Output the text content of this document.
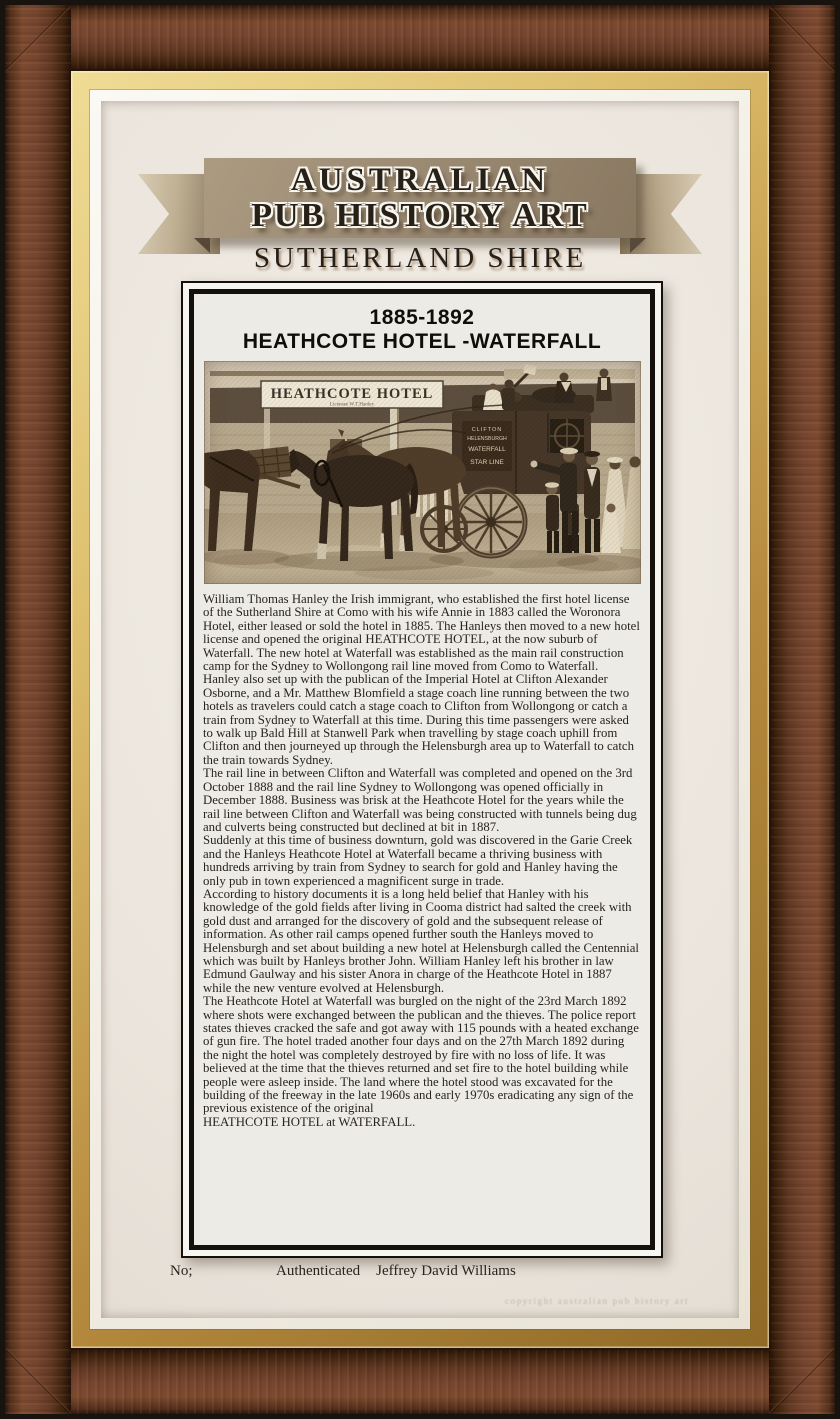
AUSTRALIAN
PUB HISTORY ART
SUTHERLAND SHIRE
1885-1892
HEATHCOTE HOTEL -WATERFALL

William Thomas Hanley the Irish immigrant, who established the first hotel license of the Sutherland Shire at Como with his wife Annie in 1883 called the Woronora Hotel, either leased or sold the hotel in 1885. The Hanleys then moved to a new hotel license and opened the original HEATHCOTE HOTEL, at the now suburb of Waterfall. The new hotel at Waterfall was established as the main rail construction camp for the Sydney to Wollongong rail line moved from Como to Waterfall.

Hanley also set up with the publican of the Imperial Hotel at Clifton Alexander Osborne, and a Mr. Matthew Blomfield a stage coach line running between the two hotels as travelers could catch a stage coach to Clifton from Wollongong or catch a train from Sydney to Waterfall at this time. During this time passengers were asked to walk up Bald Hill at Stanwell Park when travelling by stage coach uphill from Clifton and then journeyed up through the Helensburgh area up to Waterfall to catch the train towards Sydney.

The rail line in between Clifton and Waterfall was completed and opened on the 3rd October 1888 and the rail line Sydney to Wollongong was opened officially in December 1888. Business was brisk at the Heathcote Hotel for the years while the rail line between Clifton and Waterfall was being constructed with tunnels being dug and culverts being constructed but declined at bit in 1887.

Suddenly at this time of business downturn, gold was discovered in the Garie Creek and the Hanleys Heathcote Hotel at Waterfall became a thriving business with hundreds arriving by train from Sydney to search for gold and Hanley having the only pub in town experienced a magnificent surge in trade.

According to history documents it is a long held belief that Hanley with his knowledge of the gold fields after living in Cooma district had salted the creek with gold dust and arranged for the discovery of gold and the subsequent release of information. As other rail camps opened further south the Hanleys moved to Helensburgh and set about building a new hotel at Helensburgh called the Centennial which was built by Hanleys brother John. William Hanley left his brother in law Edmund Gaulway and his sister Anora in charge of the Heathcote Hotel in 1887 while the new venture evolved at Helensburgh.

The Heathcote Hotel at Waterfall was burgled on the night of the 23rd March 1892 where shots were exchanged between the publican and the thieves. The police report states thieves cracked the safe and got away with 115 pounds with a heated exchange of gun fire. The hotel traded another four days and on the 27th March 1892 during the night the hotel was completely destroyed by fire with no loss of life. It was believed at the time that the thieves returned and set fire to the hotel building while people were asleep inside. The land where the hotel stood was excavated for the building of the freeway in the late 1960s and early 1970s eradicating any sign of the previous existence of the original

HEATHCOTE HOTEL at WATERFALL.

No;	Authenticated Jeffrey David Williams
copyright australian pub history art
